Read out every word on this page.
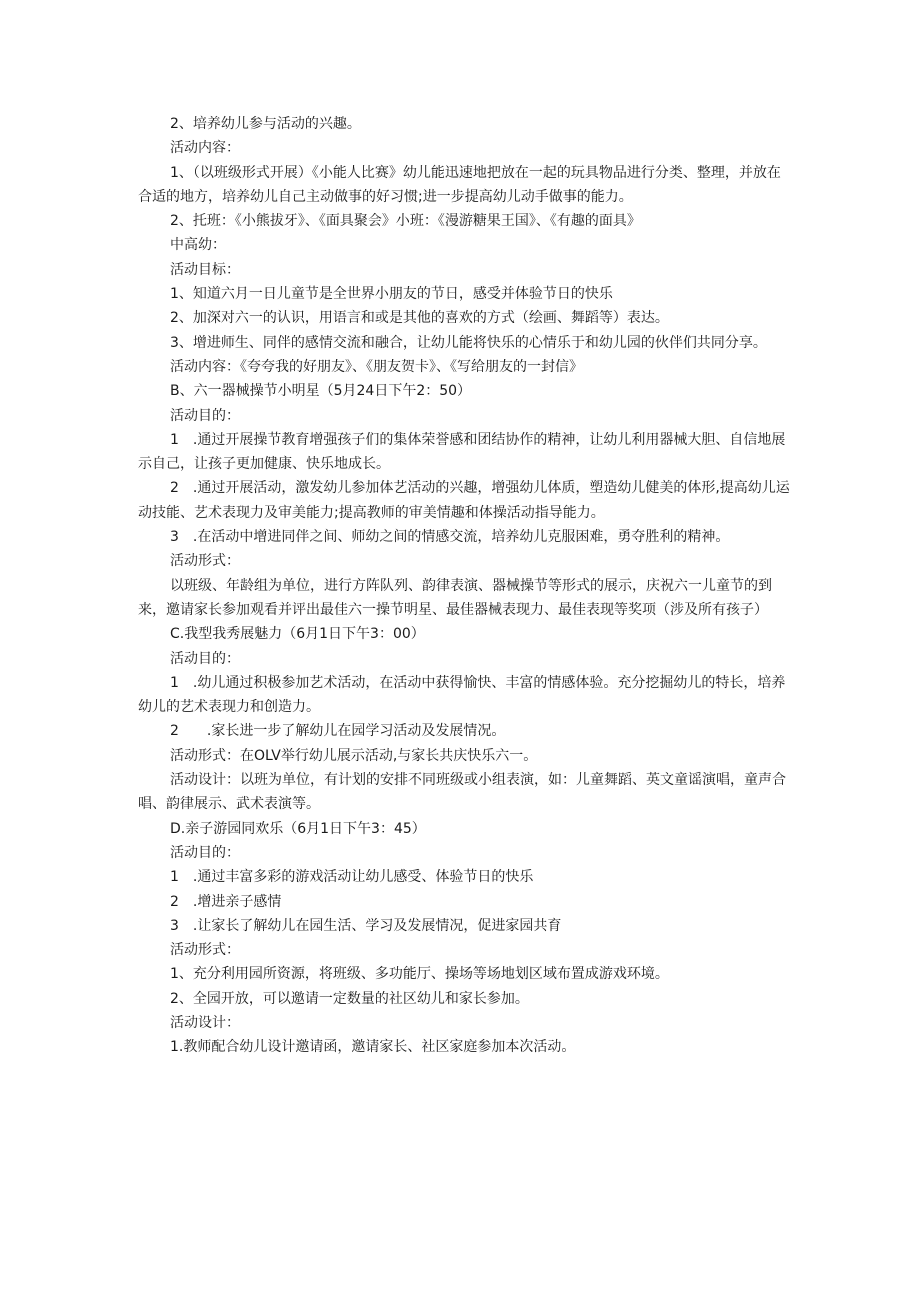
2、培养幼儿参与活动的兴趣。

活动内容：

1、（以班级形式开展）《小能人比赛》幼儿能迅速地把放在一起的玩具物品进行分类、整理，并放在合适的地方，培养幼儿自己主动做事的好习惯;进一步提高幼儿动手做事的能力。

2、托班：《小熊拔牙》、《面具聚会》小班：《漫游糖果王国》、《有趣的面具》

中高幼：

活动目标：

1、知道六月一日儿童节是全世界小朋友的节日，感受并体验节日的快乐

2、加深对六一的认识，用语言和或是其他的喜欢的方式（绘画、舞蹈等）表达。

3、增进师生、同伴的感情交流和融合，让幼儿能将快乐的心情乐于和幼儿园的伙伴们共同分享。

活动内容：《夸夸我的好朋友》、《朋友贺卡》、《写给朋友的一封信》

B、六一器械操节小明星（5月24日下午2：50）

活动目的：

1　.通过开展操节教育增强孩子们的集体荣誉感和团结协作的精神，让幼儿利用器械大胆、自信地展示自己，让孩子更加健康、快乐地成长。

2　.通过开展活动，激发幼儿参加体艺活动的兴趣，增强幼儿体质，塑造幼儿健美的体形,提高幼儿运动技能、艺术表现力及审美能力;提高教师的审美情趣和体操活动指导能力。

3　.在活动中增进同伴之间、师幼之间的情感交流，培养幼儿克服困难，勇夺胜利的精神。

活动形式：

以班级、年龄组为单位，进行方阵队列、韵律表演、器械操节等形式的展示，庆祝六一儿童节的到来，邀请家长参加观看并评出最佳六一操节明星、最佳器械表现力、最佳表现等奖项（涉及所有孩子）

C.我型我秀展魅力（6月1日下午3：00）

活动目的：

1　.幼儿通过积极参加艺术活动，在活动中获得愉快、丰富的情感体验。充分挖掘幼儿的特长，培养幼儿的艺术表现力和创造力。

2　　.家长进一步了解幼儿在园学习活动及发展情况。

活动形式：在OLV举行幼儿展示活动,与家长共庆快乐六一。

活动设计：以班为单位，有计划的安排不同班级或小组表演，如：儿童舞蹈、英文童谣演唱，童声合唱、韵律展示、武术表演等。

D.亲子游园同欢乐（6月1日下午3：45）

活动目的：

1　.通过丰富多彩的游戏活动让幼儿感受、体验节日的快乐

2　.增进亲子感情

3　.让家长了解幼儿在园生活、学习及发展情况，促进家园共育

活动形式：

1、充分利用园所资源，将班级、多功能厅、操场等场地划区域布置成游戏环境。

2、全园开放，可以邀请一定数量的社区幼儿和家长参加。

活动设计：

1.教师配合幼儿设计邀请函，邀请家长、社区家庭参加本次活动。
